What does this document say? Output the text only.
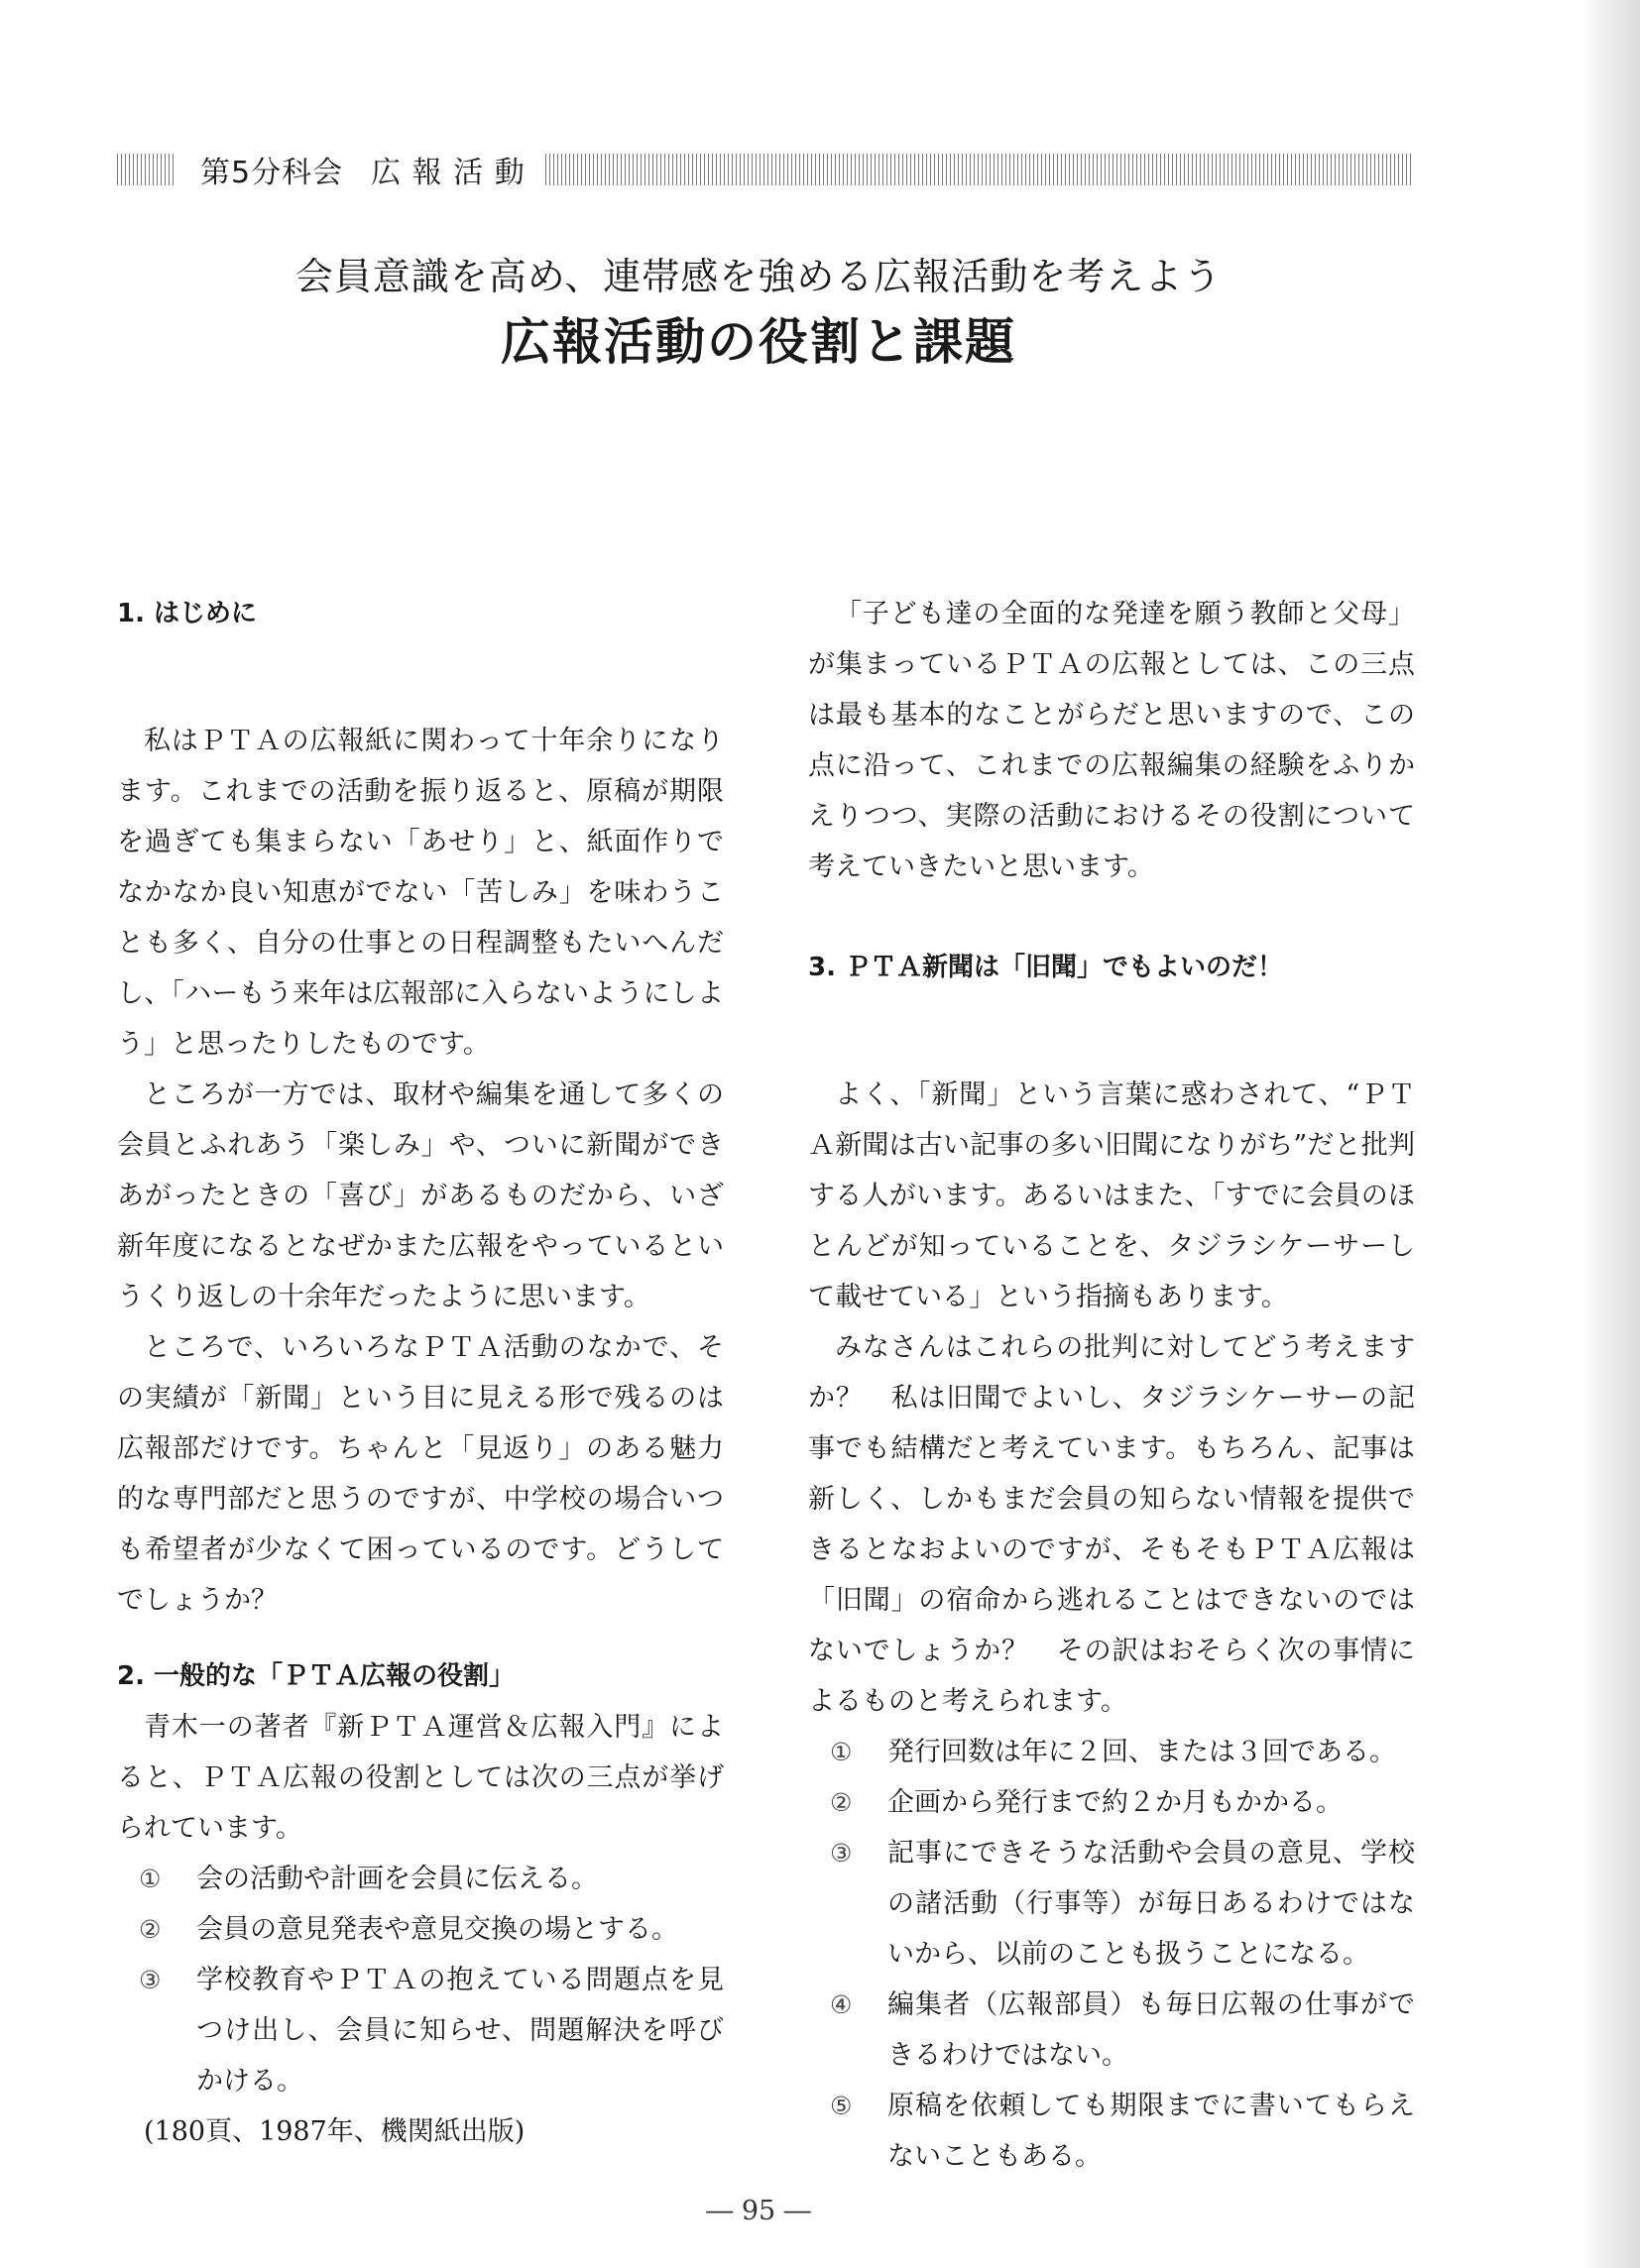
第5分科会 広 報 活 動
会員意識を高め、連帯感を強める広報活動を考えよう
広報活動の役割と課題
1. はじめに

私はＰＴＡの広報紙に関わって十年余りになります。これまでの活動を振り返ると、原稿が期限を過ぎても集まらない「あせり」と、紙面作りでなかなか良い知恵がでない「苦しみ」を味わうことも多く、自分の仕事との日程調整もたいへんだし、「ハーもう来年は広報部に入らないようにしよう」と思ったりしたものです。

ところが一方では、取材や編集を通して多くの会員とふれあう「楽しみ」や、ついに新聞ができあがったときの「喜び」があるものだから、いざ新年度になるとなぜかまた広報をやっているというくり返しの十余年だったように思います。

ところで、いろいろなＰＴＡ活動のなかで、その実績が「新聞」という目に見える形で残るのは広報部だけです。ちゃんと「見返り」のある魅力的な専門部だと思うのですが、中学校の場合いつも希望者が少なくて困っているのです。どうしてでしょうか？

2. 一般的な「ＰＴＡ広報の役割」

青木一の著者『新ＰＴＡ運営＆広報入門』によると、ＰＴＡ広報の役割としては次の三点が挙げられています。

① 会の活動や計画を会員に伝える。
② 会員の意見発表や意見交換の場とする。
③ 学校教育やＰＴＡの抱えている問題点を見つけ出し、会員に知らせ、問題解決を呼びかける。

(180頁、1987年、機関紙出版)

「子ども達の全面的な発達を願う教師と父母」が集まっているＰＴＡの広報としては、この三点は最も基本的なことがらだと思いますので、この点に沿って、これまでの広報編集の経験をふりかえりつつ、実際の活動におけるその役割について考えていきたいと思います。

3. ＰＴＡ新聞は「旧聞」でもよいのだ！

よく、「新聞」という言葉に惑わされて、“ＰＴＡ新聞は古い記事の多い旧聞になりがち”だと批判する人がいます。あるいはまた、「すでに会員のほとんどが知っていることを、タジラシケーサーして載せている」という指摘もあります。

みなさんはこれらの批判に対してどう考えますか？　私は旧聞でよいし、タジラシケーサーの記事でも結構だと考えています。もちろん、記事は新しく、しかもまだ会員の知らない情報を提供できるとなおよいのですが、そもそもＰＴＡ広報は「旧聞」の宿命から逃れることはできないのではないでしょうか？　その訳はおそらく次の事情によるものと考えられます。

① 発行回数は年に２回、または３回である。
② 企画から発行まで約２か月もかかる。
③ 記事にできそうな活動や会員の意見、学校の諸活動（行事等）が毎日あるわけではないから、以前のことも扱うことになる。
④ 編集者（広報部員）も毎日広報の仕事ができるわけではない。
⑤ 原稿を依頼しても期限までに書いてもらえないこともある。
― 95 ―
